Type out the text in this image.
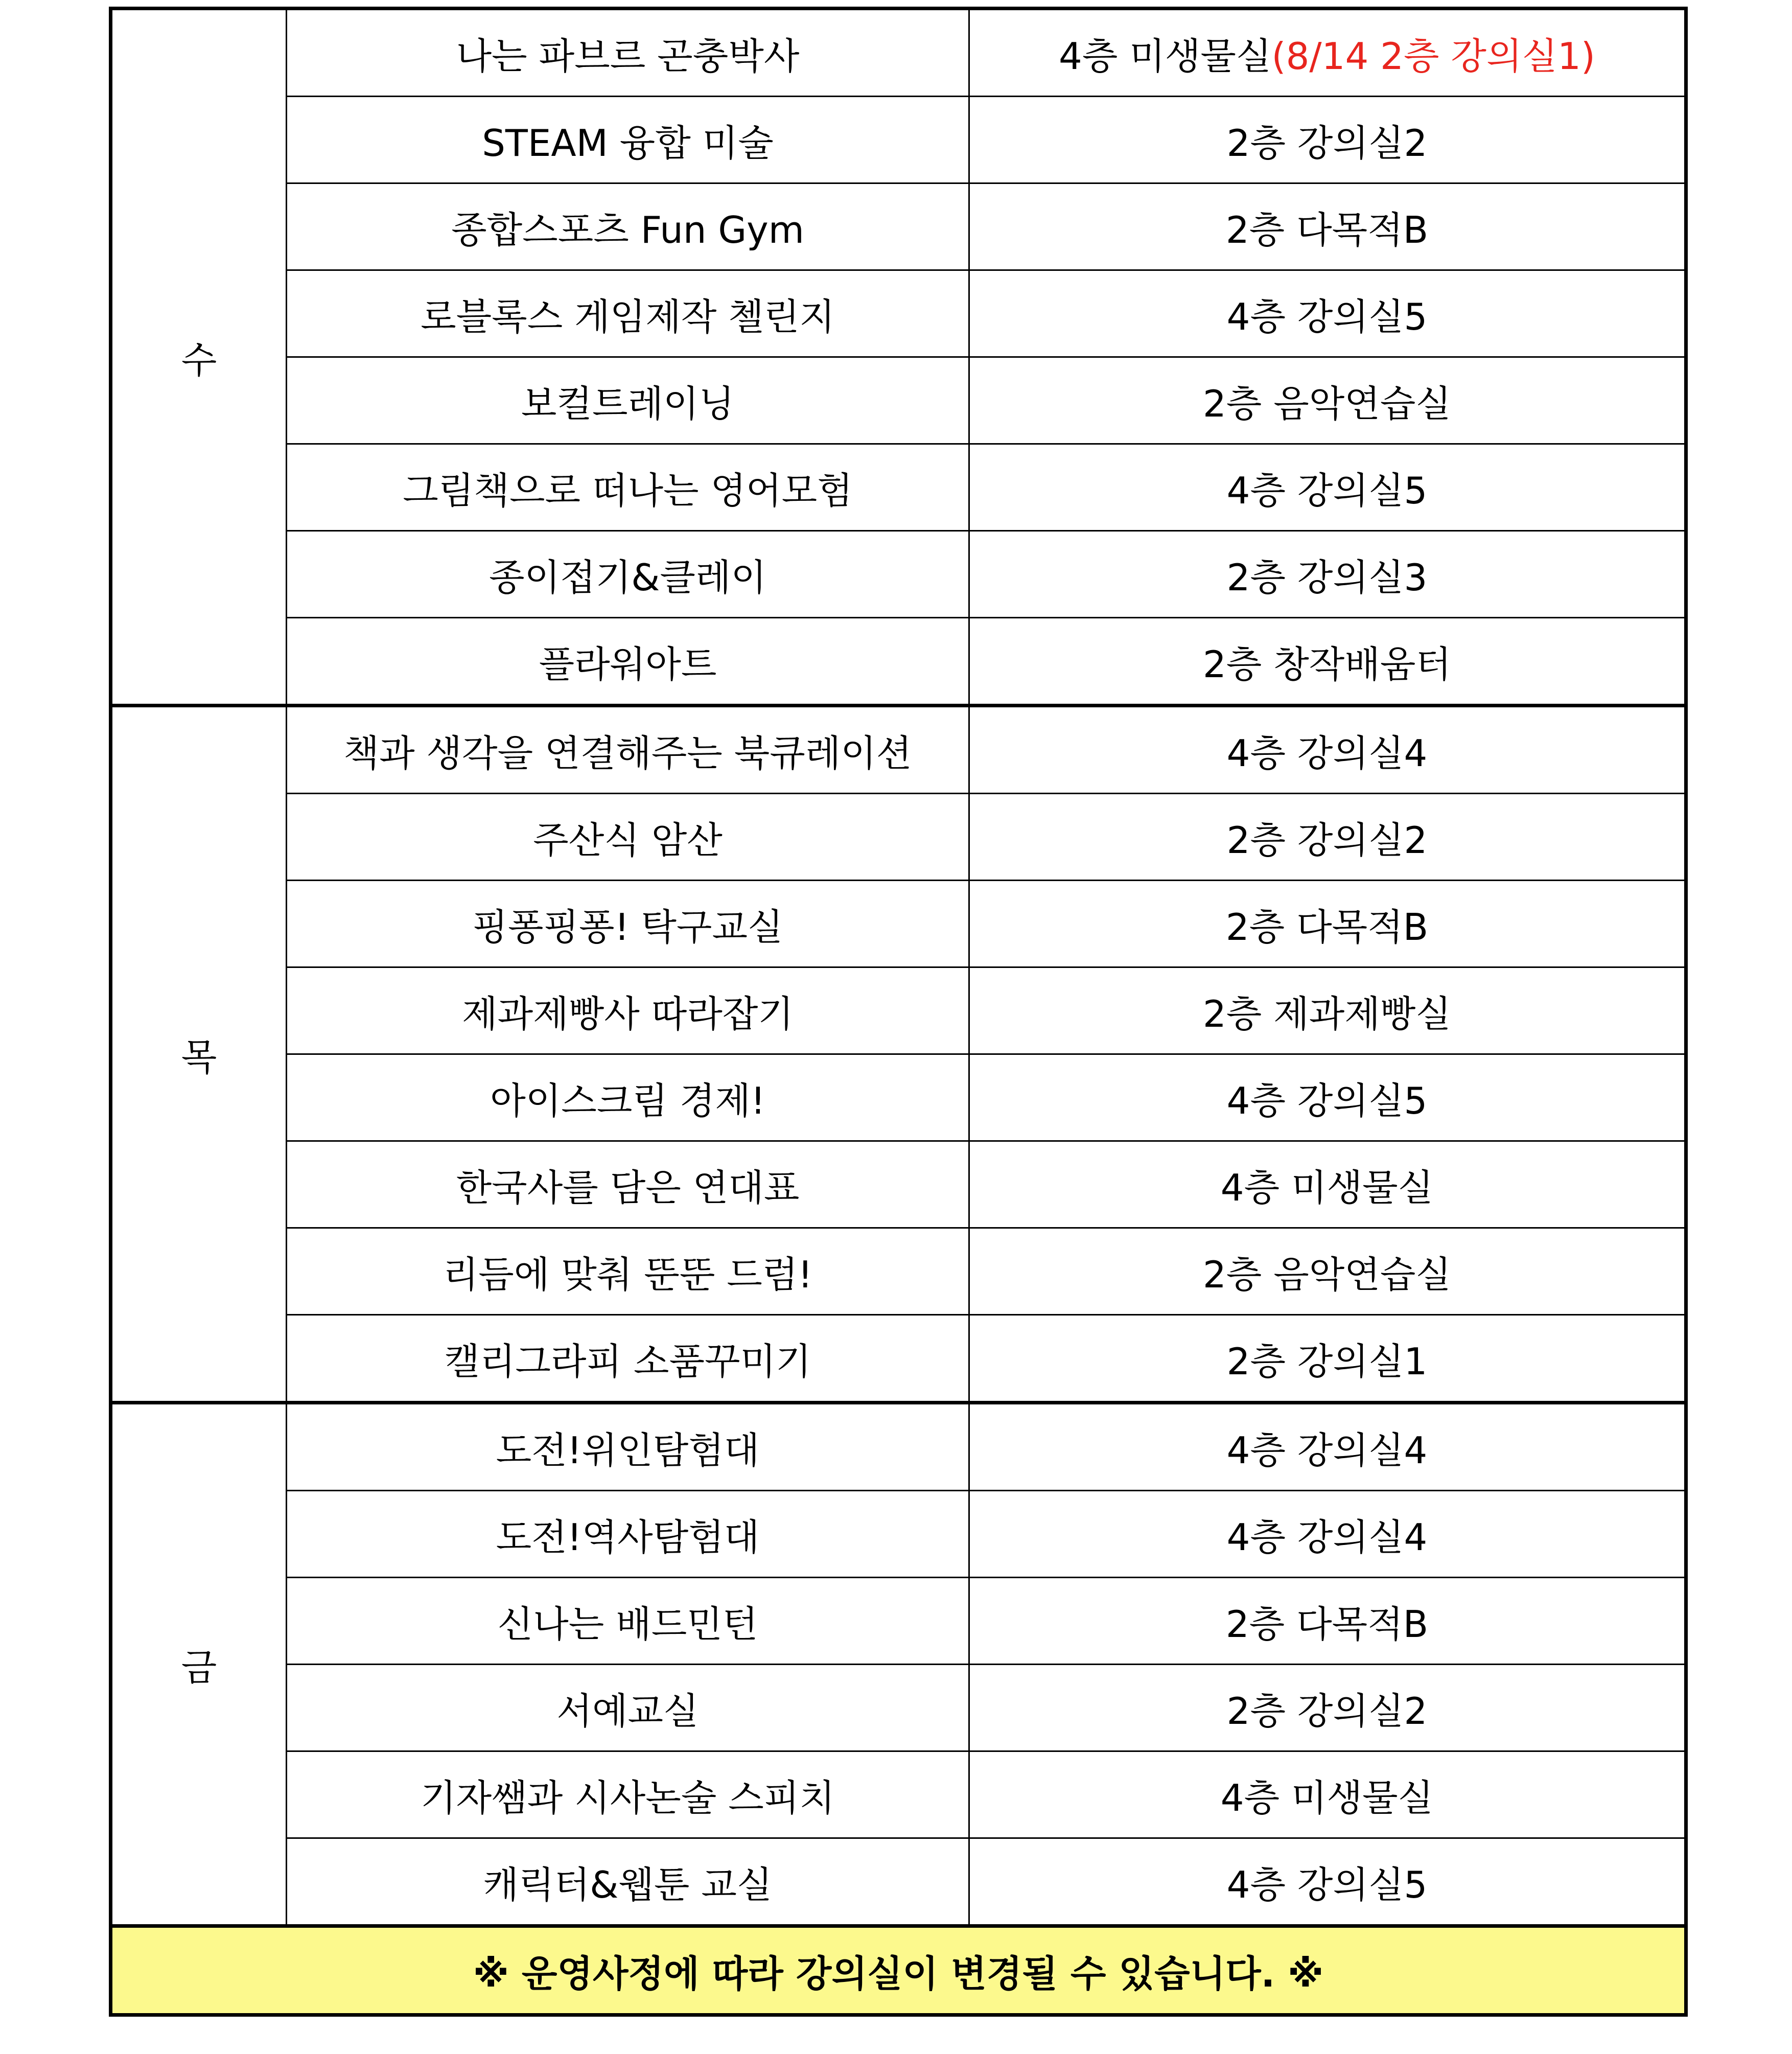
수	나는 파브르 곤충박사	4층 미생물실(8/14 2층 강의실1)
	STEAM 융합 미술	2층 강의실2
	종합스포츠 Fun Gym	2층 다목적B
	로블록스 게임제작 첼린지	4층 강의실5
	보컬트레이닝	2층 음악연습실
	그림책으로 떠나는 영어모험	4층 강의실5
	종이접기&클레이	2층 강의실3
	플라워아트	2층 창작배움터
목	책과 생각을 연결해주는 북큐레이션	4층 강의실4
	주산식 암산	2층 강의실2
	핑퐁핑퐁! 탁구교실	2층 다목적B
	제과제빵사 따라잡기	2층 제과제빵실
	아이스크림 경제!	4층 강의실5
	한국사를 담은 연대표	4층 미생물실
	리듬에 맞춰 뚠뚠 드럼!	2층 음악연습실
	캘리그라피 소품꾸미기	2층 강의실1
금	도전!위인탐험대	4층 강의실4
	도전!역사탐험대	4층 강의실4
	신나는 배드민턴	2층 다목적B
	서예교실	2층 강의실2
	기자쌤과 시사논술 스피치	4층 미생물실
	캐릭터&웹툰 교실	4층 강의실5
※ 운영사정에 따라 강의실이 변경될 수 있습니다. ※		
